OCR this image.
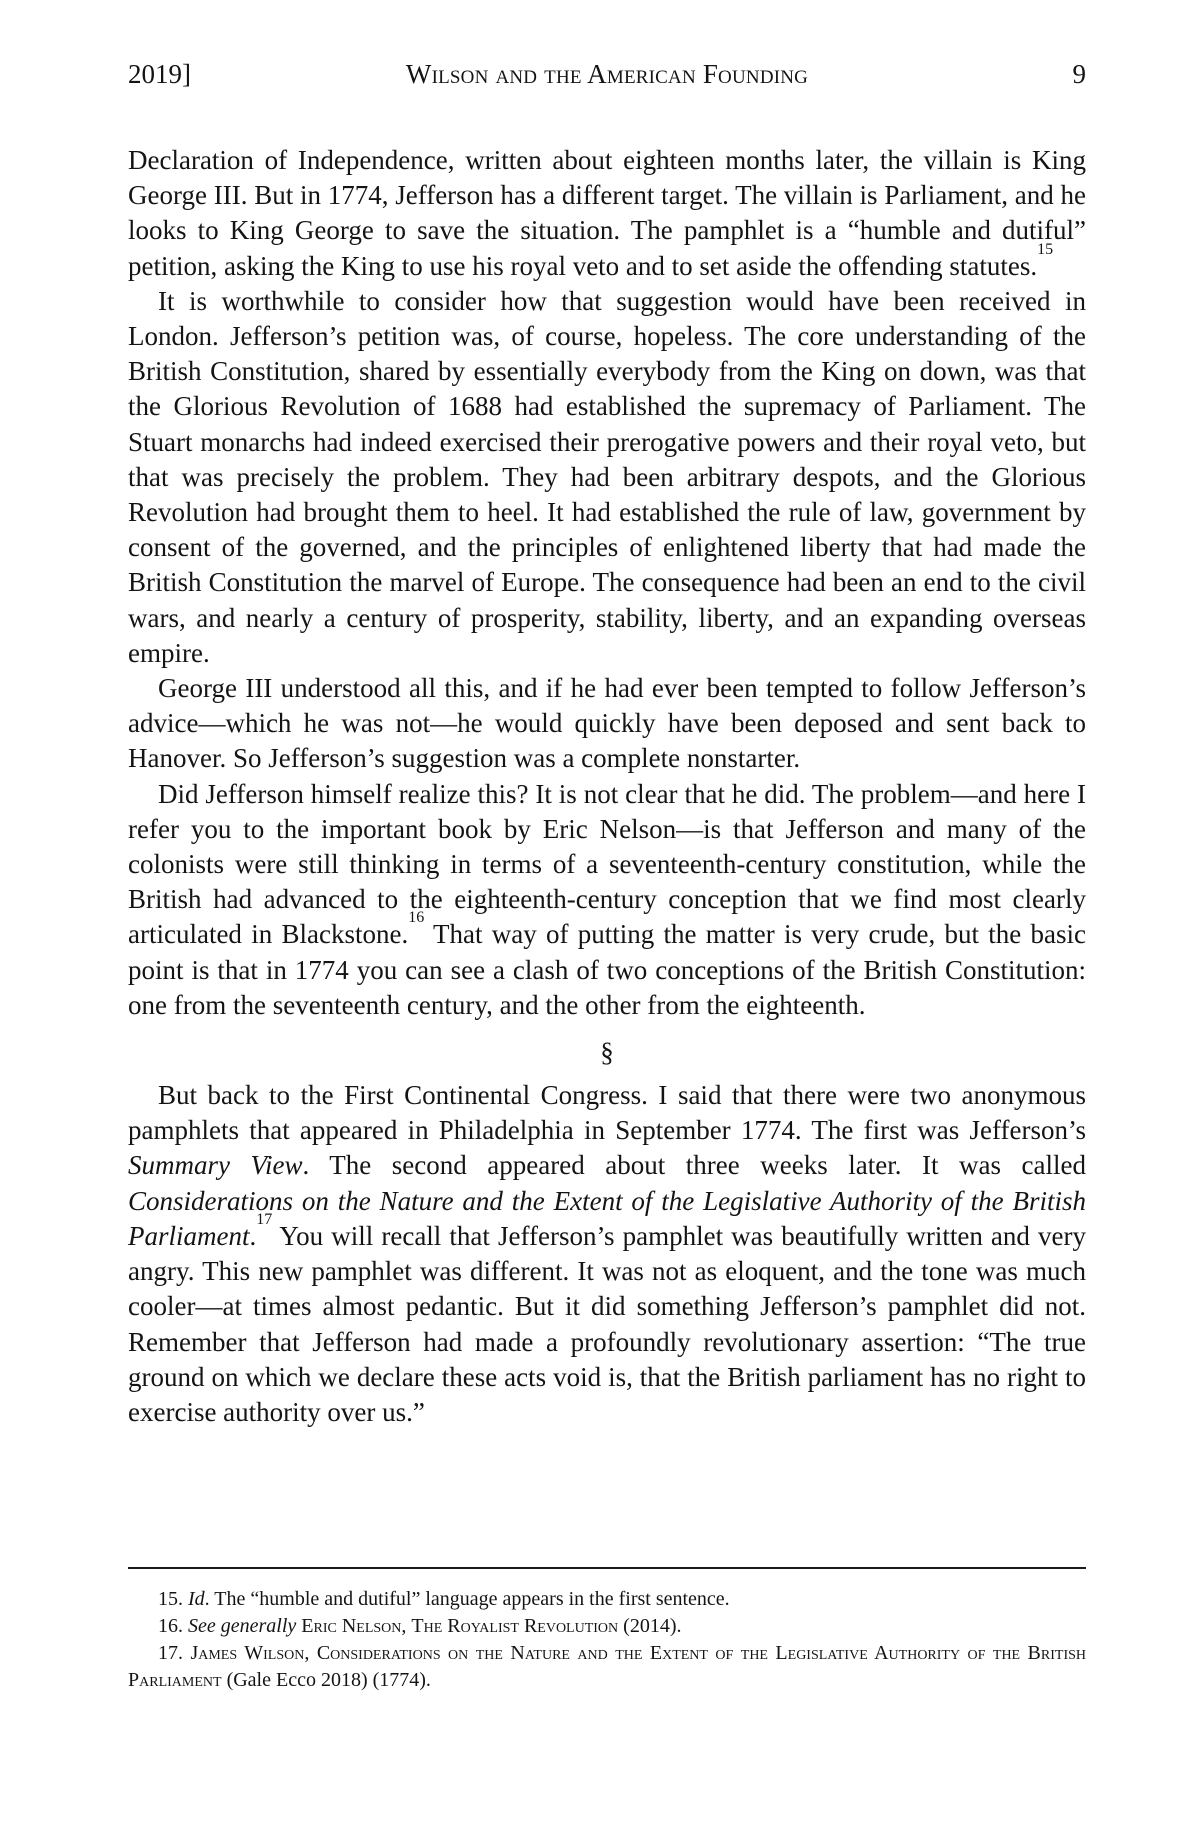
2019]	Wilson and the American Founding	9

Declaration of Independence, written about eighteen months later, the villain is King George III. But in 1774, Jefferson has a different target. The villain is Parliament, and he looks to King George to save the situation. The pamphlet is a “humble and dutiful” petition, asking the King to use his royal veto and to set aside the offending statutes.$^{15}$

It is worthwhile to consider how that suggestion would have been received in London. Jefferson’s petition was, of course, hopeless. The core understanding of the British Constitution, shared by essentially everybody from the King on down, was that the Glorious Revolution of 1688 had established the supremacy of Parliament. The Stuart monarchs had indeed exercised their prerogative powers and their royal veto, but that was precisely the problem. They had been arbitrary despots, and the Glorious Revolution had brought them to heel. It had established the rule of law, government by consent of the governed, and the principles of enlightened liberty that had made the British Constitution the marvel of Europe. The consequence had been an end to the civil wars, and nearly a century of prosperity, stability, liberty, and an expanding overseas empire.

George III understood all this, and if he had ever been tempted to follow Jefferson’s advice—which he was not—he would quickly have been deposed and sent back to Hanover. So Jefferson’s suggestion was a complete nonstarter.

Did Jefferson himself realize this? It is not clear that he did. The problem—and here I refer you to the important book by Eric Nelson—is that Jefferson and many of the colonists were still thinking in terms of a seventeenth-century constitution, while the British had advanced to the eighteenth-century conception that we find most clearly articulated in Blackstone.$^{16}$ That way of putting the matter is very crude, but the basic point is that in 1774 you can see a clash of two conceptions of the British Constitution: one from the seventeenth century, and the other from the eighteenth.

§

But back to the First Continental Congress. I said that there were two anonymous pamphlets that appeared in Philadelphia in September 1774. The first was Jefferson’s Summary View. The second appeared about three weeks later. It was called Considerations on the Nature and the Extent of the Legislative Authority of the British Parliament.$^{17}$ You will recall that Jefferson’s pamphlet was beautifully written and very angry. This new pamphlet was different. It was not as eloquent, and the tone was much cooler—at times almost pedantic. But it did something Jefferson’s pamphlet did not. Remember that Jefferson had made a profoundly revolutionary assertion: “The true ground on which we declare these acts void is, that the British parliament has no right to exercise authority over us.”

15. Id. The “humble and dutiful” language appears in the first sentence.

16. See generally Eric Nelson, The Royalist Revolution (2014).

17. James Wilson, Considerations on the Nature and the Extent of the Legislative Authority of the British Parliament (Gale Ecco 2018) (1774).
